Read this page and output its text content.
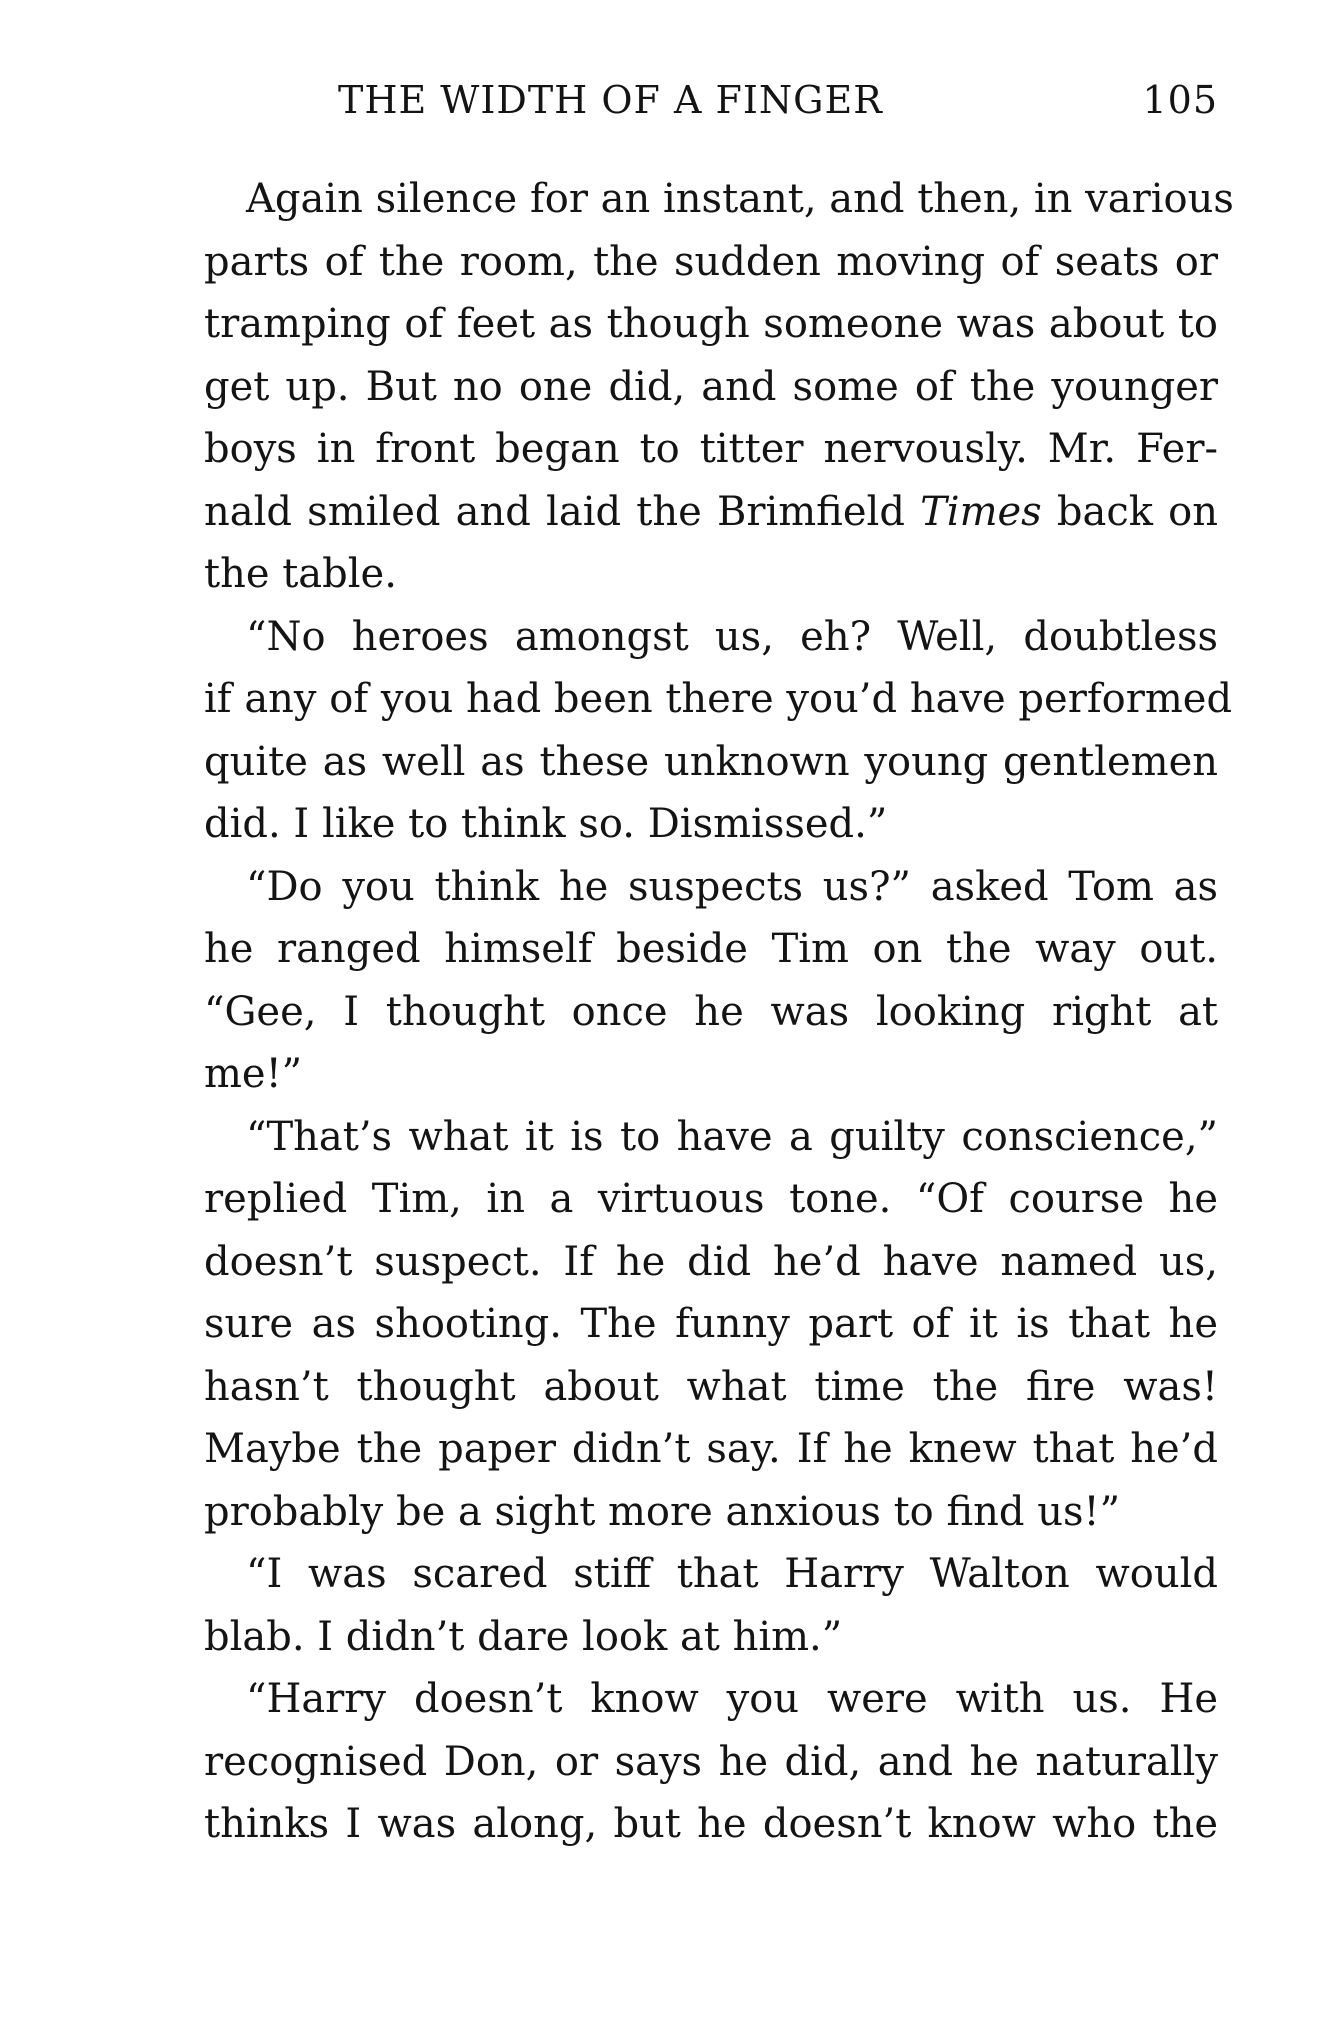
THE WIDTH OF A FINGER	105
Again silence for an instant, and then, in various
parts of the room, the sudden moving of seats or
tramping of feet as though someone was about to
get up. But no one did, and some of the younger
boys in front began to titter nervously. Mr. Fer-
nald smiled and laid the Brimfield Times back on
the table.
“No heroes amongst us, eh? Well, doubtless
if any of you had been there you’d have performed
quite as well as these unknown young gentlemen
did. I like to think so. Dismissed.”
“Do you think he suspects us?” asked Tom as
he ranged himself beside Tim on the way out.
“Gee, I thought once he was looking right at
me!”
“That’s what it is to have a guilty conscience,”
replied Tim, in a virtuous tone. “Of course he
doesn’t suspect. If he did he’d have named us,
sure as shooting. The funny part of it is that he
hasn’t thought about what time the fire was!
Maybe the paper didn’t say. If he knew that he’d
probably be a sight more anxious to find us!”
“I was scared stiff that Harry Walton would
blab. I didn’t dare look at him.”
“Harry doesn’t know you were with us. He
recognised Don, or says he did, and he naturally
thinks I was along, but he doesn’t know who the
